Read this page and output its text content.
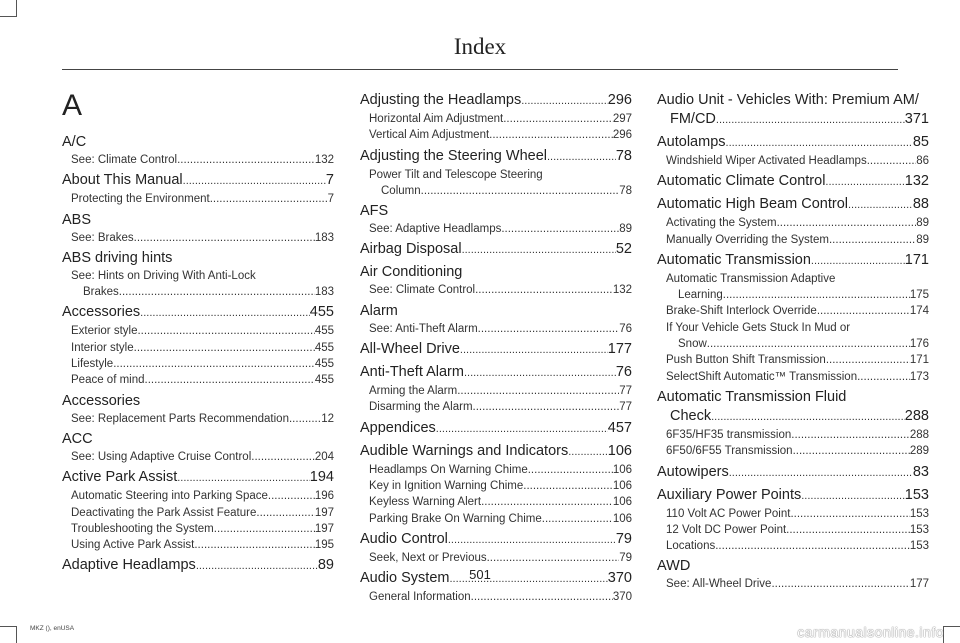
Index
A
A/C
See: Climate Control .....	132
About This Manual .....	7
Protecting the Environment .....	7
ABS
See: Brakes .....	183
ABS driving hints
See: Hints on Driving With Anti-Lock
Brakes .....	183
Accessories .....	455
Exterior style .....	455
Interior style .....	455
Lifestyle .....	455
Peace of mind .....	455
Accessories
See: Replacement Parts Recommendation .....	12
ACC
See: Using Adaptive Cruise Control .....	204
Active Park Assist .....	194
Automatic Steering into Parking Space .....	196
Deactivating the Park Assist Feature .....	197
Troubleshooting the System .....	197
Using Active Park Assist .....	195
Adaptive Headlamps .....	89
Adjusting the Headlamps .....	296
Horizontal Aim Adjustment .....	297
Vertical Aim Adjustment .....	296
Adjusting the Steering Wheel .....	78
Power Tilt and Telescope Steering
Column .....	78
AFS
See: Adaptive Headlamps .....	89
Airbag Disposal .....	52
Air Conditioning
See: Climate Control .....	132
Alarm
See: Anti-Theft Alarm .....	76
All-Wheel Drive .....	177
Anti-Theft Alarm .....	76
Arming the Alarm .....	77
Disarming the Alarm .....	77
Appendices .....	457
Audible Warnings and Indicators .....	106
Headlamps On Warning Chime .....	106
Key in Ignition Warning Chime .....	106
Keyless Warning Alert .....	106
Parking Brake On Warning Chime .....	106
Audio Control .....	79
Seek, Next or Previous .....	79
Audio System .....	370
General Information .....	370
Audio Unit - Vehicles With: Premium AM/
FM/CD .....	371
Autolamps .....	85
Windshield Wiper Activated Headlamps .....	86
Automatic Climate Control .....	132
Automatic High Beam Control .....	88
Activating the System .....	89
Manually Overriding the System .....	89
Automatic Transmission .....	171
Automatic Transmission Adaptive
Learning .....	175
Brake-Shift Interlock Override .....	174
If Your Vehicle Gets Stuck In Mud or
Snow .....	176
Push Button Shift Transmission .....	171
SelectShift Automatic™ Transmission .....	173
Automatic Transmission Fluid
Check .....	288
6F35/HF35 transmission .....	288
6F50/6F55 Transmission .....	289
Autowipers .....	83
Auxiliary Power Points .....	153
110 Volt AC Power Point .....	153
12 Volt DC Power Point .....	153
Locations .....	153
AWD
See: All-Wheel Drive .....	177
501
MKZ (), enUSA	carmanualsonline.info
